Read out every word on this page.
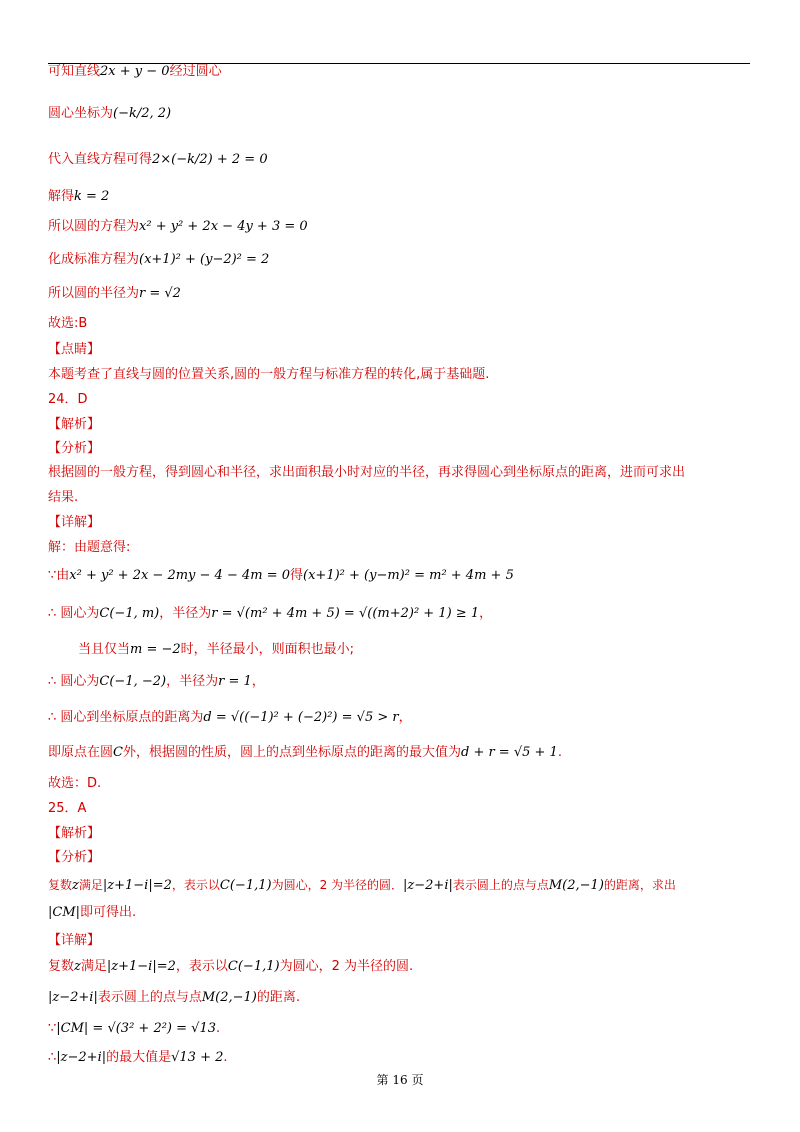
可知直线2x + y − 0经过圆心
圆心坐标为(−k/2, 2)
代入直线方程可得2×(−k/2) + 2 = 0
解得k = 2
所以圆的方程为x² + y² + 2x − 4y + 3 = 0
化成标准方程为(x+1)² + (y−2)² = 2
所以圆的半径为r = √2
故选:B
【点睛】
本题考查了直线与圆的位置关系,圆的一般方程与标准方程的转化,属于基础题.
24．D
【解析】
【分析】
根据圆的一般方程，得到圆心和半径，求出面积最小时对应的半径，再求得圆心到坐标原点的距离，进而可求出
结果.
【详解】
解：由题意得:
∵由x² + y² + 2x − 2my − 4 − 4m = 0得(x+1)² + (y−m)² = m² + 4m + 5
∴ 圆心为C(−1, m)，半径为r = √(m² + 4m + 5) = √((m+2)² + 1) ≥ 1，
当且仅当m = −2时，半径最小，则面积也最小;
∴ 圆心为C(−1, −2)，半径为r = 1，
∴ 圆心到坐标原点的距离为d = √((−1)² + (−2)²) = √5 > r，
即原点在圆C外，根据圆的性质，圆上的点到坐标原点的距离的最大值为d + r = √5 + 1.
故选：D.
25．A
【解析】
【分析】
复数z满足|z+1−i|=2，表示以C(−1,1)为圆心，2 为半径的圆．|z−2+i|表示圆上的点与点M(2,−1)的距离，求出
|CM|即可得出.
【详解】
复数z满足|z+1−i|=2，表示以C(−1,1)为圆心，2 为半径的圆.
|z−2+i|表示圆上的点与点M(2,−1)的距离.
∵|CM| = √(3² + 2²) = √13.
∴|z−2+i|的最大值是√13 + 2.
第 16 页
